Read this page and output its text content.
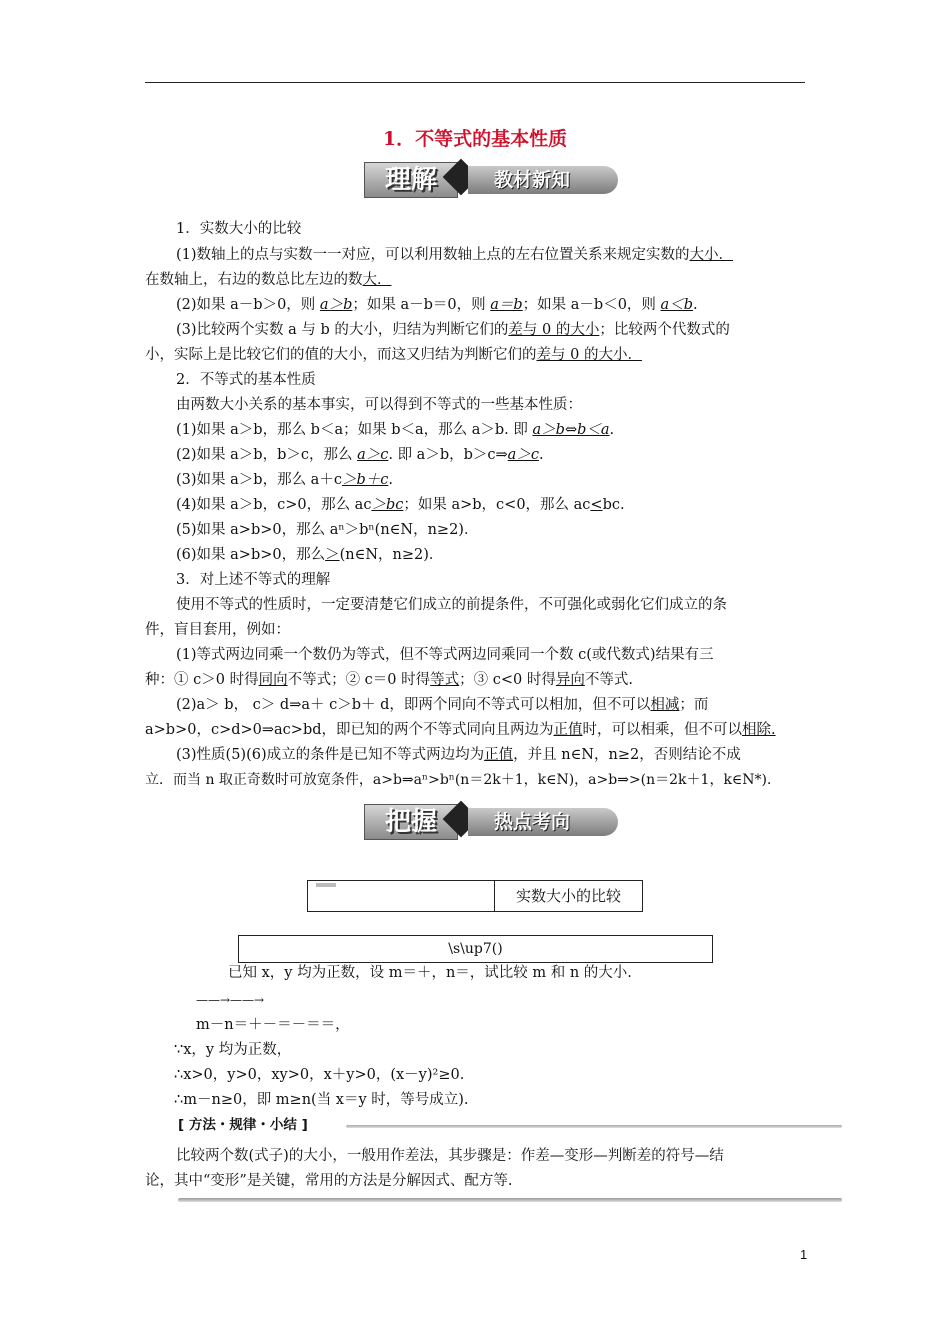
1．不等式的基本性质
理解	教材新知
1．实数大小的比较
(1)数轴上的点与实数一一对应，可以利用数轴上点的左右位置关系来规定实数的大小．
在数轴上，右边的数总比左边的数大．
(2)如果 a－b＞0，则 a＞b；如果 a－b＝0，则 a＝b；如果 a－b＜0，则 a＜b.
(3)比较两个实数 a 与 b 的大小，归结为判断它们的差与 0 的大小；比较两个代数式的
小，实际上是比较它们的值的大小，而这又归结为判断它们的差与 0 的大小．
2．不等式的基本性质
由两数大小关系的基本事实，可以得到不等式的一些基本性质：
(1)如果 a＞b，那么 b＜a；如果 b＜a，那么 a＞b. 即 a＞b⇔b＜a.
(2)如果 a＞b，b＞c，那么 a＞c. 即 a＞b，b＞c⇒a＞c.
(3)如果 a＞b，那么 a＋c＞b＋c.
(4)如果 a＞b，c>0，那么 ac＞bc；如果 a>b，c<0，那么 ac<bc.
(5)如果 a>b>0，那么 aⁿ＞bⁿ(n∈N，n≥2)．
(6)如果 a>b>0，那么＞(n∈N，n≥2)．
3．对上述不等式的理解
使用不等式的性质时，一定要清楚它们成立的前提条件，不可强化或弱化它们成立的条
件，盲目套用，例如：
(1)等式两边同乘一个数仍为等式，但不等式两边同乘同一个数 c(或代数式)结果有三
种：① c＞0 时得同向不等式；② c＝0 时得等式；③ c<0 时得异向不等式.
(2)a＞ b， c＞ d⇒a＋ c＞b＋ d，即两个同向不等式可以相加，但不可以相减；而
a>b>0，c>d>0⇒ac>bd，即已知的两个不等式同向且两边为正值时，可以相乘，但不可以相除.
(3)性质(5)(6)成立的条件是已知不等式两边均为正值，并且 n∈N，n≥2，否则结论不成
立．而当 n 取正奇数时可放宽条件，a>b⇒aⁿ>bⁿ(n＝2k＋1，k∈N)，a>b⇒>(n＝2k＋1，k∈N*)．
把握	热点考向
实数大小的比较
\s\up7()
已知 x，y 均为正数，设 m＝＋，n＝，试比较 m 和 n 的大小.
——→——→
m－n＝＋－＝－＝＝，
∵x，y 均为正数，
∴x>0，y>0，xy>0，x＋y>0，(x－y)²≥0.
∴m－n≥0，即 m≥n(当 x＝y 时，等号成立).
[ 方法・规律・小结 ]
比较两个数(式子)的大小，一般用作差法，其步骤是：作差—变形—判断差的符号—结
论，其中“变形”是关键，常用的方法是分解因式、配方等.
1
